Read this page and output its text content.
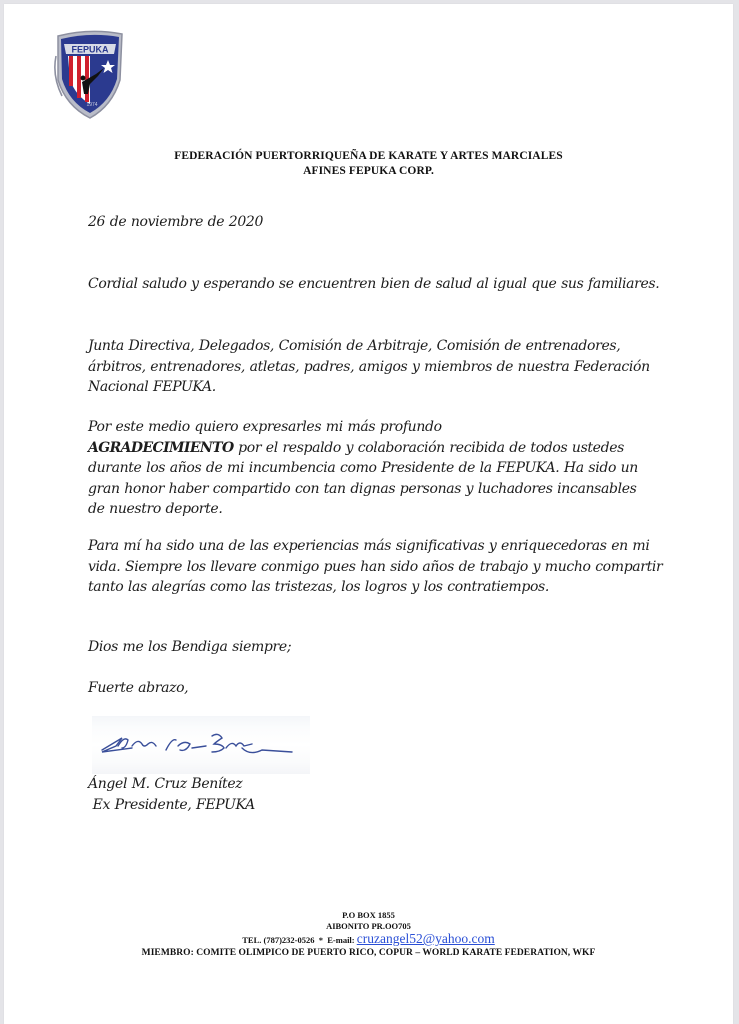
FEPUKA
1974
FEDERACIÓN PUERTORRIQUEÑA DE KARATE Y ARTES MARCIALES
AFINES FEPUKA CORP.
26 de noviembre de 2020
Cordial saludo y esperando se encuentren bien de salud al igual que sus familiares.
Junta Directiva, Delegados, Comisión de Arbitraje, Comisión de entrenadores, árbitros, entrenadores, atletas, padres, amigos y miembros de nuestra Federación Nacional FEPUKA.
Por este medio quiero expresarles mi más profundo
AGRADECIMIENTO por el respaldo y colaboración recibida de todos ustedes durante los años de mi incumbencia como Presidente de la FEPUKA. Ha sido un gran honor haber compartido con tan dignas personas y luchadores incansables de nuestro deporte.
Para mí ha sido una de las experiencias más significativas y enriquecedoras en mi vida. Siempre los llevare conmigo pues han sido años de trabajo y mucho compartir tanto las alegrías como las tristezas, los logros y los contratiempos.
Dios me los Bendiga siempre;
Fuerte abrazo,
Ángel M. Cruz Benítez
Ex Presidente, FEPUKA
P.O BOX 1855
AIBONITO PR.OO705
TEL. (787)232-0526  *  E-mail: cruzangel52@yahoo.com
MIEMBRO: COMITE OLIMPICO DE PUERTO RICO, COPUR – WORLD KARATE FEDERATION, WKF
